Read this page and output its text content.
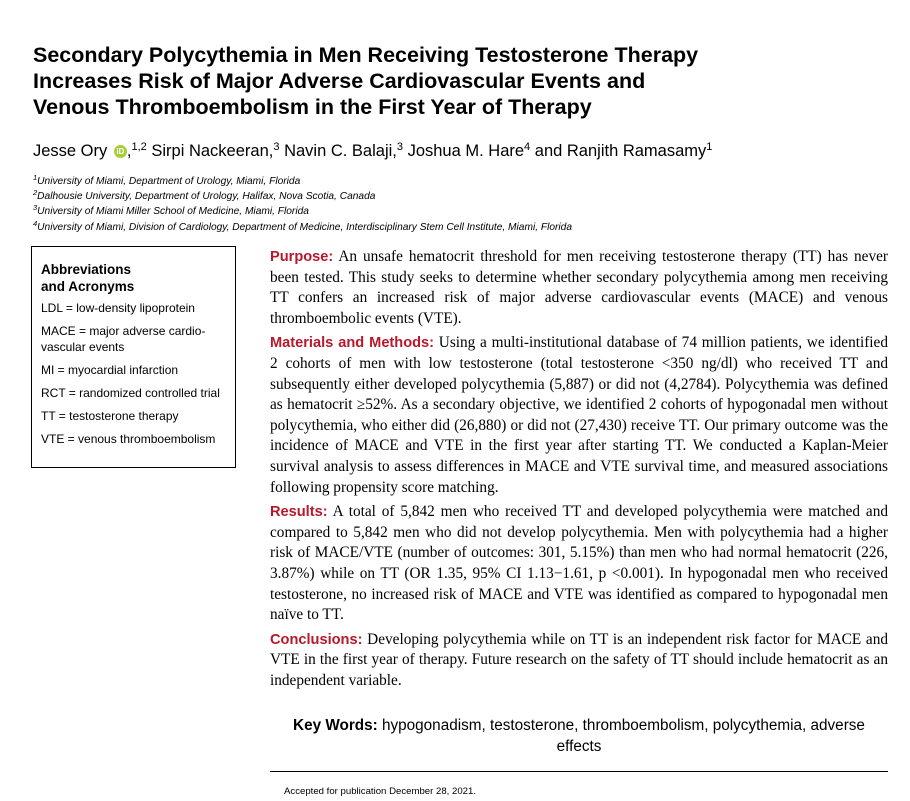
Secondary Polycythemia in Men Receiving Testosterone Therapy
Increases Risk of Major Adverse Cardiovascular Events and
Venous Thromboembolism in the First Year of Therapy
Jesse Ory iD ,$^{1,2}$ Sirpi Nackeeran,$^3$ Navin C. Balaji,$^3$ Joshua M. Hare$^4$ and Ranjith Ramasamy$^1$
$^1$University of Miami, Department of Urology, Miami, Florida
$^2$Dalhousie University, Department of Urology, Halifax, Nova Scotia, Canada
$^3$University of Miami Miller School of Medicine, Miami, Florida
$^4$University of Miami, Division of Cardiology, Department of Medicine, Interdisciplinary Stem Cell Institute, Miami, Florida
Abbreviations
and Acronyms
LDL = low-density lipoprotein
MACE = major adverse cardio-vascular events
MI = myocardial infarction
RCT = randomized controlled trial
TT = testosterone therapy
VTE = venous thromboembolism

Purpose: An unsafe hematocrit threshold for men receiving testosterone therapy (TT) has never been tested. This study seeks to determine whether secondary polycythemia among men receiving TT confers an increased risk of major adverse cardiovascular events (MACE) and venous thromboembolic events (VTE).

Materials and Methods: Using a multi-institutional database of 74 million patients, we identified 2 cohorts of men with low testosterone (total testosterone <350 ng/dl) who received TT and subsequently either developed polycythemia (5,887) or did not (4,2784). Polycythemia was defined as hematocrit ≥52%. As a secondary objective, we identified 2 cohorts of hypogonadal men without polycythemia, who either did (26,880) or did not (27,430) receive TT. Our primary outcome was the incidence of MACE and VTE in the first year after starting TT. We conducted a Kaplan-Meier survival analysis to assess differences in MACE and VTE survival time, and measured associations following propensity score matching.

Results: A total of 5,842 men who received TT and developed polycythemia were matched and compared to 5,842 men who did not develop polycythemia. Men with polycythemia had a higher risk of MACE/VTE (number of outcomes: 301, 5.15%) than men who had normal hematocrit (226, 3.87%) while on TT (OR 1.35, 95% CI 1.13−1.61, p <0.001). In hypogonadal men who received testosterone, no increased risk of MACE and VTE was identified as compared to hypogonadal men naïve to TT.

Conclusions: Developing polycythemia while on TT is an independent risk factor for MACE and VTE in the first year of therapy. Future research on the safety of TT should include hematocrit as an independent variable.

Key Words: hypogonadism, testosterone, thromboembolism, polycythemia, adverse effects
Accepted for publication December 28, 2021.
